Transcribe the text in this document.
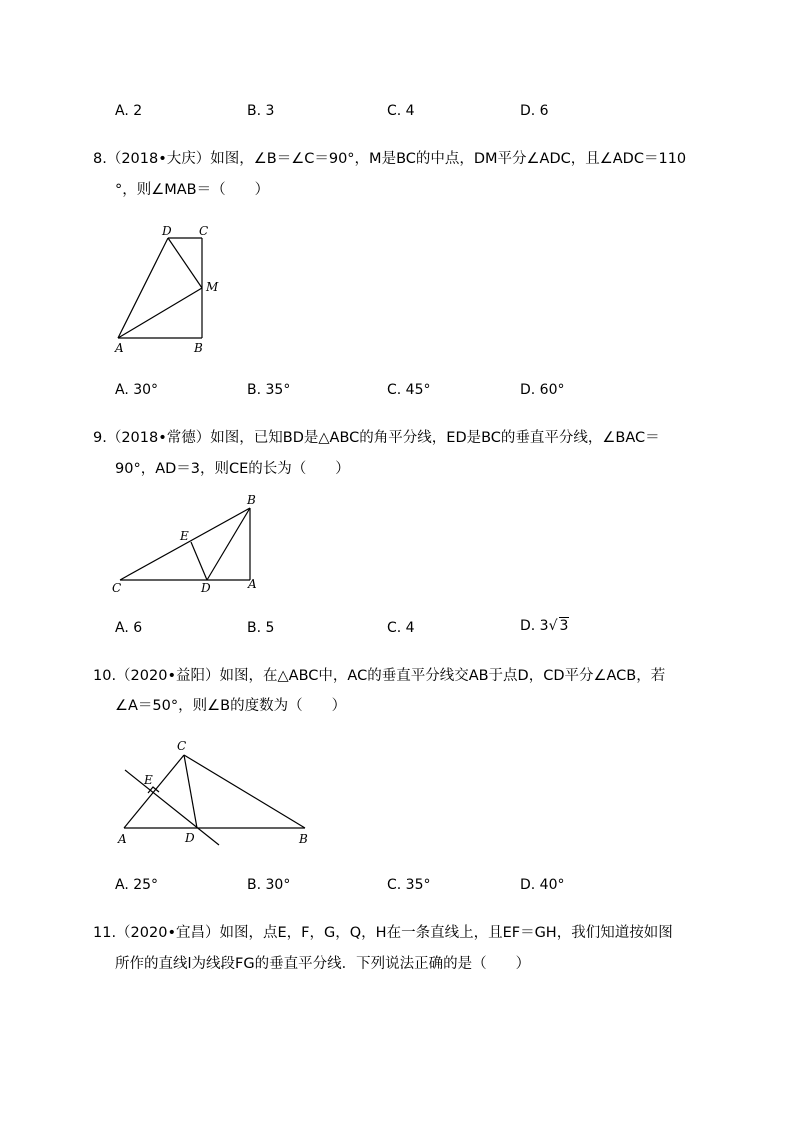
A. 2	B. 3	C. 4	D. 6
8.（2018•大庆）如图，∠B＝∠C＝90°，M是BC的中点，DM平分∠ADC，且∠ADC＝110
°，则∠MAB＝（　　）
D C
M
A	B
A. 30°	B. 35°	C. 45°	D. 60°
9.（2018•常德）如图，已知BD是△ABC的角平分线，ED是BC的垂直平分线，∠BAC＝
90°，AD＝3，则CE的长为（　　）
B
E
C	D	A
A. 6	B. 5	C. 4	D. 3√ 3
10.（2020•益阳）如图，在△ABC中，AC的垂直平分线交AB于点D，CD平分∠ACB，若
∠A＝50°，则∠B的度数为（　　）
C
E
A	D	B
A. 25°	B. 30°	C. 35°	D. 40°
11.（2020•宜昌）如图，点E，F，G，Q，H在一条直线上，且EF＝GH，我们知道按如图
所作的直线l为线段FG的垂直平分线．下列说法正确的是（　　）
